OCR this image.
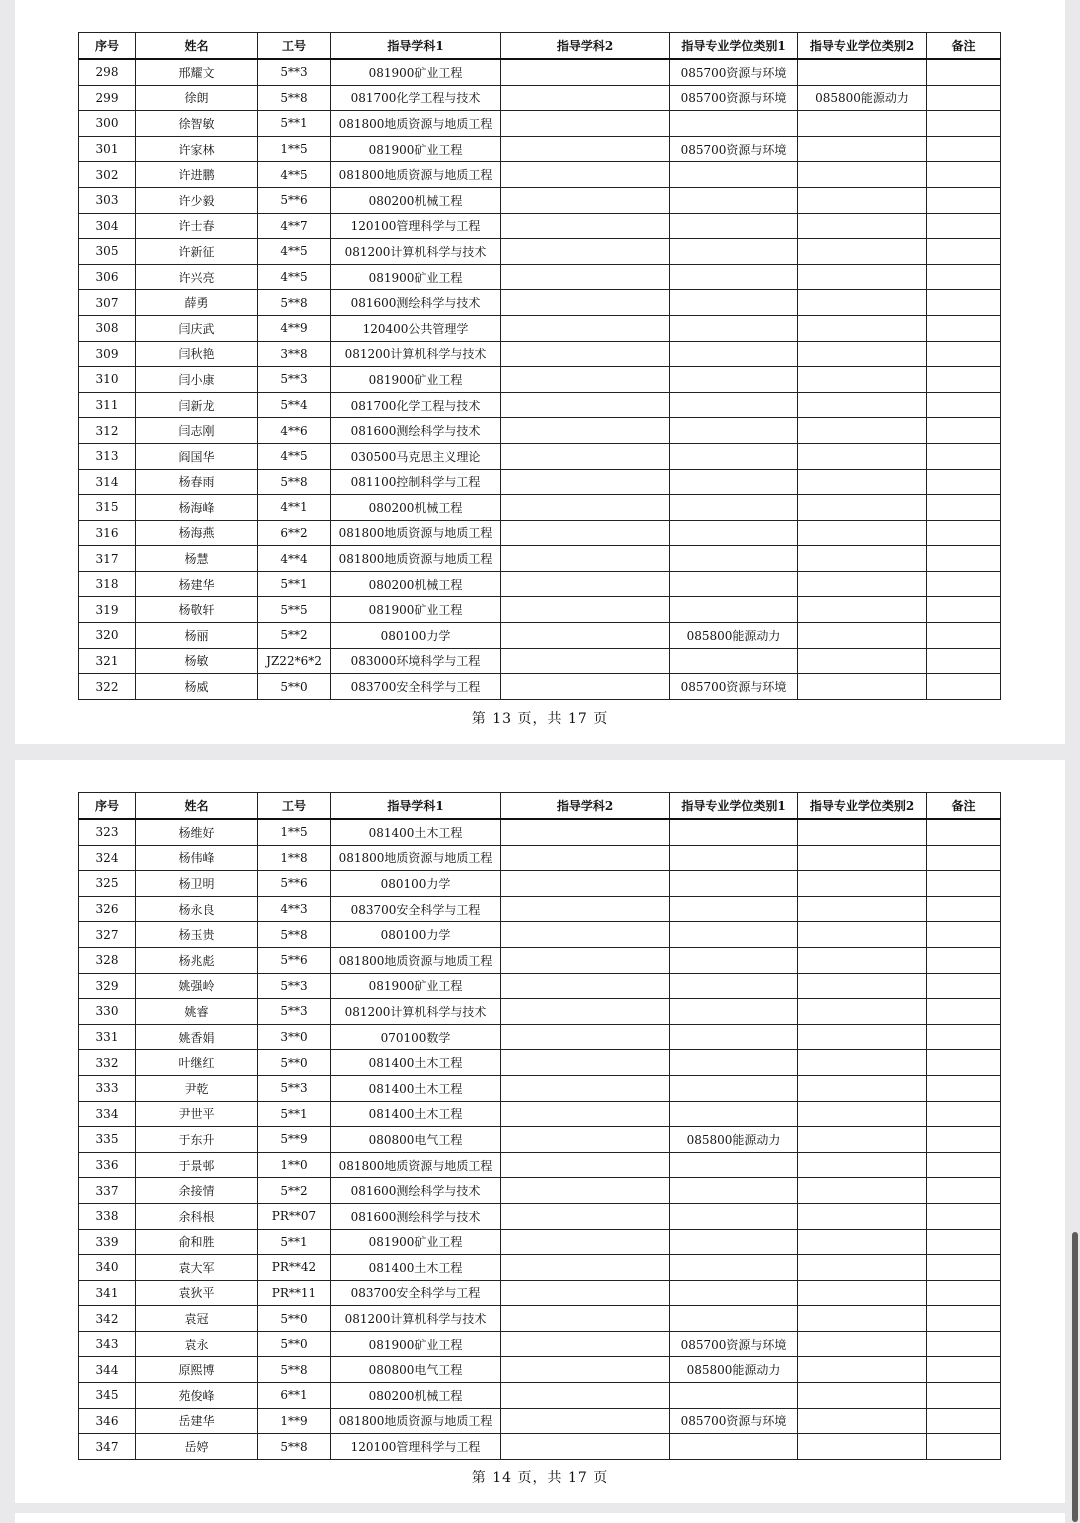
序号	姓名	工号	指导学科1	指导学科2	指导专业学位类别1	指导专业学位类别2	备注
298	邢耀文	5**3	081900矿业工程		085700资源与环境		
299	徐朗	5**8	081700化学工程与技术		085700资源与环境	085800能源动力	
300	徐智敏	5**1	081800地质资源与地质工程				
301	许家林	1**5	081900矿业工程		085700资源与环境		
302	许进鹏	4**5	081800地质资源与地质工程				
303	许少毅	5**6	080200机械工程				
304	许士春	4**7	120100管理科学与工程				
305	许新征	4**5	081200计算机科学与技术				
306	许兴亮	4**5	081900矿业工程				
307	薛勇	5**8	081600测绘科学与技术				
308	闫庆武	4**9	120400公共管理学				
309	闫秋艳	3**8	081200计算机科学与技术				
310	闫小康	5**3	081900矿业工程				
311	闫新龙	5**4	081700化学工程与技术				
312	闫志刚	4**6	081600测绘科学与技术				
313	阎国华	4**5	030500马克思主义理论				
314	杨春雨	5**8	081100控制科学与工程				
315	杨海峰	4**1	080200机械工程				
316	杨海燕	6**2	081800地质资源与地质工程				
317	杨慧	4**4	081800地质资源与地质工程				
318	杨建华	5**1	080200机械工程				
319	杨敬轩	5**5	081900矿业工程				
320	杨丽	5**2	080100力学		085800能源动力		
321	杨敏	JZ22*6*2	083000环境科学与工程				
322	杨威	5**0	083700安全科学与工程		085700资源与环境		
第 13 页，共 17 页
序号	姓名	工号	指导学科1	指导学科2	指导专业学位类别1	指导专业学位类别2	备注
323	杨维好	1**5	081400土木工程				
324	杨伟峰	1**8	081800地质资源与地质工程				
325	杨卫明	5**6	080100力学				
326	杨永良	4**3	083700安全科学与工程				
327	杨玉贵	5**8	080100力学				
328	杨兆彪	5**6	081800地质资源与地质工程				
329	姚强岭	5**3	081900矿业工程				
330	姚睿	5**3	081200计算机科学与技术				
331	姚香娟	3**0	070100数学				
332	叶继红	5**0	081400土木工程				
333	尹乾	5**3	081400土木工程				
334	尹世平	5**1	081400土木工程				
335	于东升	5**9	080800电气工程		085800能源动力		
336	于景邨	1**0	081800地质资源与地质工程				
337	余接情	5**2	081600测绘科学与技术				
338	余科根	PR**07	081600测绘科学与技术				
339	俞和胜	5**1	081900矿业工程				
340	袁大军	PR**42	081400土木工程				
341	袁狄平	PR**11	083700安全科学与工程				
342	袁冠	5**0	081200计算机科学与技术				
343	袁永	5**0	081900矿业工程		085700资源与环境		
344	原熙博	5**8	080800电气工程		085800能源动力		
345	苑俊峰	6**1	080200机械工程				
346	岳建华	1**9	081800地质资源与地质工程		085700资源与环境		
347	岳婷	5**8	120100管理科学与工程				
第 14 页，共 17 页
